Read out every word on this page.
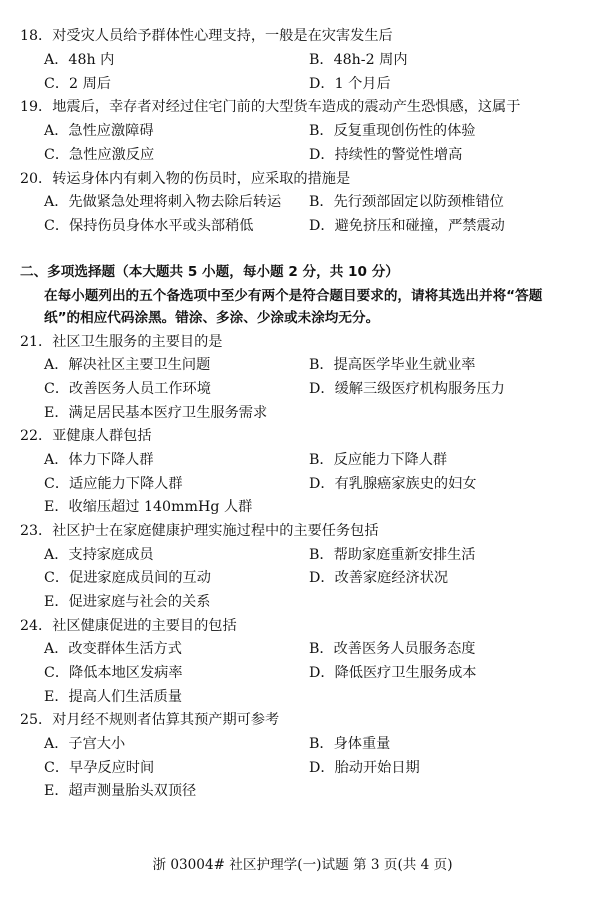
18．对受灾人员给予群体性心理支持，一般是在灾害发生后
A．48h 内	B．48h-2 周内
C．2 周后	D．1 个月后
19．地震后，幸存者对经过住宅门前的大型货车造成的震动产生恐惧感，这属于
A．急性应激障碍	B．反复重现创伤性的体验
C．急性应激反应	D．持续性的警觉性增高
20．转运身体内有刺入物的伤员时，应采取的措施是
A．先做紧急处理将刺入物去除后转运 B．先行颈部固定以防颈椎错位
C．保持伤员身体水平或头部稍低	D．避免挤压和碰撞，严禁震动
二、多项选择题（本大题共 5 小题，每小题 2 分，共 10 分）
在每小题列出的五个备选项中至少有两个是符合题目要求的，请将其选出并将“答题
纸”的相应代码涂黑。错涂、多涂、少涂或未涂均无分。
21．社区卫生服务的主要目的是
A．解决社区主要卫生问题	B．提高医学毕业生就业率
C．改善医务人员工作环境	D．缓解三级医疗机构服务压力
E．满足居民基本医疗卫生服务需求
22．亚健康人群包括
A．体力下降人群	B．反应能力下降人群
C．适应能力下降人群	D．有乳腺癌家族史的妇女
E．收缩压超过 140mmHg 人群
23．社区护士在家庭健康护理实施过程中的主要任务包括
A．支持家庭成员	B．帮助家庭重新安排生活
C．促进家庭成员间的互动	D．改善家庭经济状况
E．促进家庭与社会的关系
24．社区健康促进的主要目的包括
A．改变群体生活方式	B．改善医务人员服务态度
C．降低本地区发病率	D．降低医疗卫生服务成本
E．提高人们生活质量
25．对月经不规则者估算其预产期可参考
A．子宫大小	B．身体重量
C．早孕反应时间	D．胎动开始日期
E．超声测量胎头双顶径
浙 03004# 社区护理学(一)试题 第 3 页(共 4 页)
